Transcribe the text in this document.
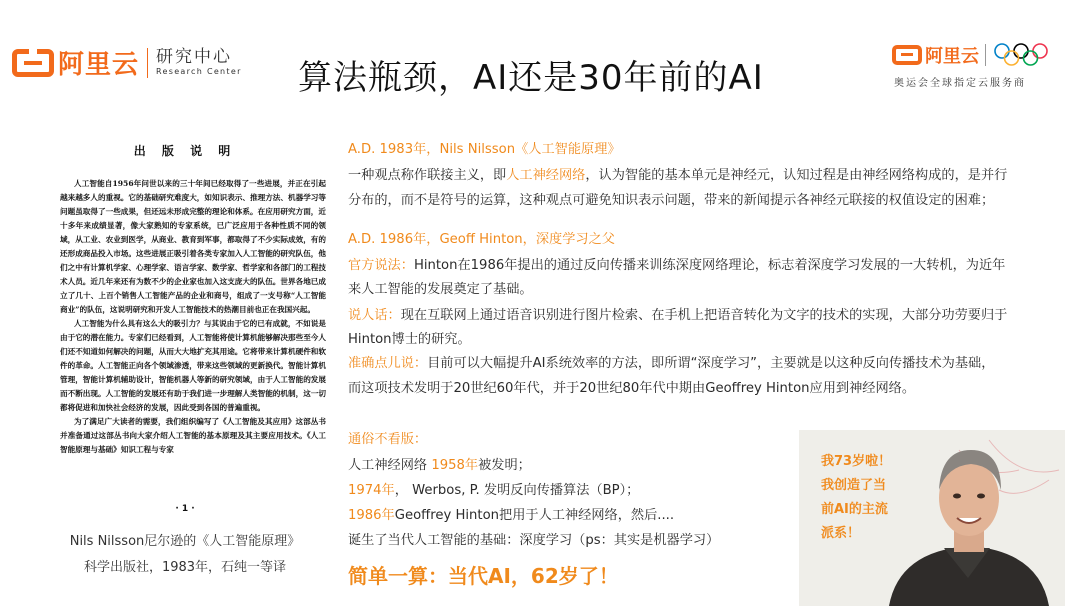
阿里云 研究中心
Research Center 算法瓶颈，AI还是30年前的AI
阿里云
奥运会全球指定云服务商
出 版 说 明

人工智能自1956年问世以来的三十年间已经取得了一些进展，并正在引起越来越多人的重视。它的基础研究难度大，如知识表示、推理方法、机器学习等问题虽取得了一些成果，但还远未形成完整的理论和体系。在应用研究方面，近十多年来成绩显著，像大家熟知的专家系统，已广泛应用于各种性质不同的领域，从工业、农业到医学，从商业、教育到军事，都取得了不少实际成效，有的还形成商品投入市场。这些进展正吸引着各类专家加入人工智能的研究队伍，他们之中有计算机学家、心理学家、语言学家、数学家、哲学家和各部门的工程技术人员。近几年来还有为数不少的企业家也加入这支庞大的队伍。世界各地已成立了几十、上百个销售人工智能产品的企业和商号，组成了一支号称“人工智能商业”的队伍，这说明研究和开发人工智能技术的热潮目前也正在我国兴起。

人工智能为什么具有这么大的吸引力？与其说由于它的已有成就，不如说是由于它的潜在能力。专家们已经看到，人工智能将使计算机能够解决那些至今人们还不知道如何解决的问题，从而大大地扩充其用途。它将带来计算机硬件和软件的革命。人工智能正向各个领域渗透，带来这些领域的更新换代。智能计算机管理，智能计算机辅助设计，智能机器人等新的研究领域，由于人工智能的发展而不断出现。人工智能的发展还有助于我们进一步理解人类智能的机制，这一切都将促进和加快社会经济的发展，因此受到各国的普遍重视。

为了满足广大读者的需要，我们组织编写了《人工智能及其应用》这部丛书并准备通过这部丛书向大家介绍人工智能的基本原理及其主要应用技术。《人工智能原理与基础》知识工程与专家

· 1 ·
Nils Nilsson尼尔逊的《人工智能原理》
科学出版社，1983年，石纯一等译
A.D. 1983年，Nils Nilsson《人工智能原理》
一种观点称作联接主义，即人工神经网络，认为智能的基本单元是神经元，认知过程是由神经网络构成的，是并行
分布的，而不是符号的运算，这种观点可避免知识表示问题，带来的新闻提示各神经元联接的权值设定的困难；
A.D. 1986年，Geoff Hinton，深度学习之父
官方说法：Hinton在1986年提出的通过反向传播来训练深度网络理论，标志着深度学习发展的一大转机，为近年
来人工智能的发展奠定了基础。
说人话：现在互联网上通过语音识别进行图片检索、在手机上把语音转化为文字的技术的实现，大部分功劳要归于
Hinton博士的研究。
准确点儿说：目前可以大幅提升AI系统效率的方法，即所谓“深度学习”，主要就是以这种反向传播技术为基础，
而这项技术发明于20世纪60年代，并于20世纪80年代中期由Geoffrey Hinton应用到神经网络。
通俗不看版：
人工神经网络 1958年被发明；
1974年， Werbos, P. 发明反向传播算法（BP）；
1986年Geoffrey Hinton把用于人工神经网络，然后....
诞生了当代人工智能的基础：深度学习（ps：其实是机器学习）
简单一算：当代AI，62岁了！
我73岁啦！
我创造了当
前AI的主流
派系！
